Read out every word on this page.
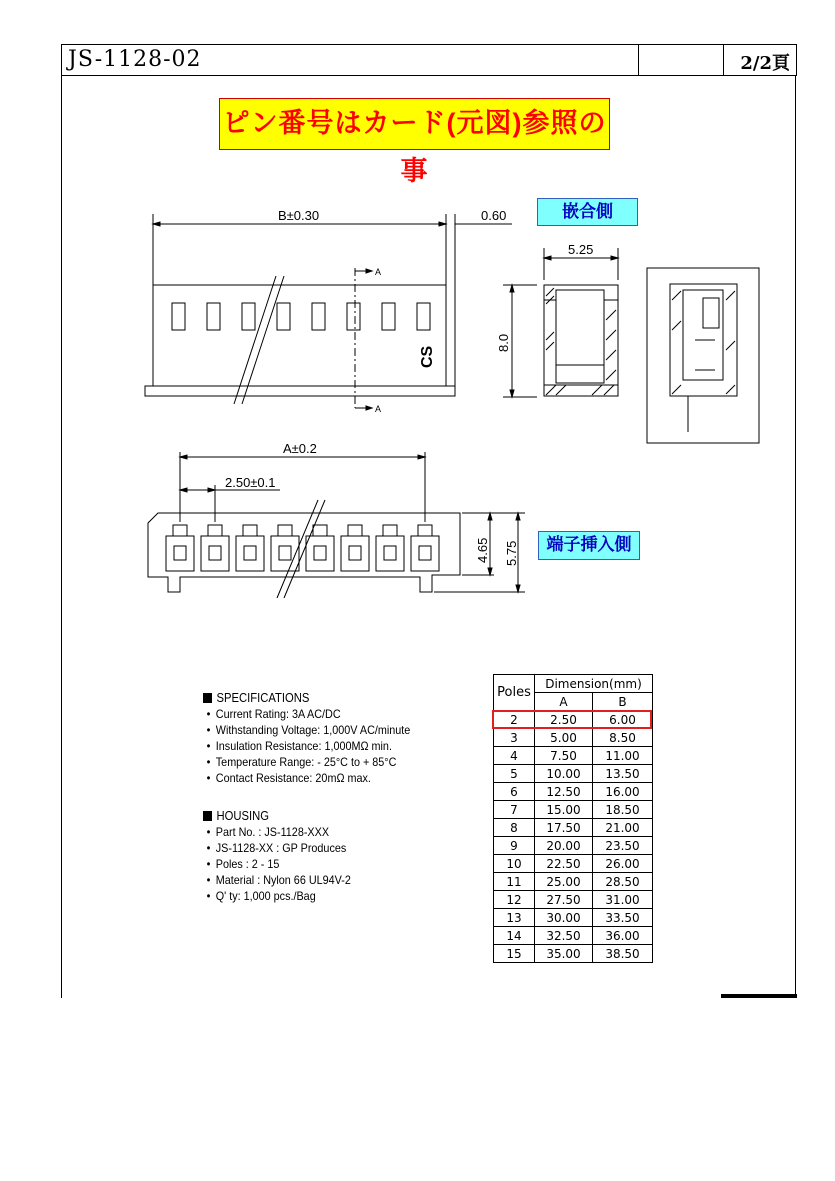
JS-1128-02	2/2頁
ピン番号はカード(元図)参照の事
嵌合側
端子挿入側
B±0.30	0.60
A
A
CS
5.25
8.0
A±0.2
2.50±0.1
4.65 5.75
SPECIFICATIONS
• Current Rating: 3A AC/DC
• Withstanding Voltage: 1,000V AC/minute
• Insulation Resistance: 1,000MΩ min.
• Temperature Range: - 25°C to + 85°C
• Contact Resistance: 20mΩ max.
HOUSING
• Part No. : JS-1128-XXX
• JS-1128-XX : GP Produces
• Poles : 2 - 15
• Material : Nylon 66 UL94V-2
• Q' ty: 1,000 pcs./Bag
Poles	Dimension(mm)	
	A	B
2	2.50	6.00
3	5.00	8.50
4	7.50	11.00
5	10.00	13.50
6	12.50	16.00
7	15.00	18.50
8	17.50	21.00
9	20.00	23.50
10	22.50	26.00
11	25.00	28.50
12	27.50	31.00
13	30.00	33.50
14	32.50	36.00
15	35.00	38.50
